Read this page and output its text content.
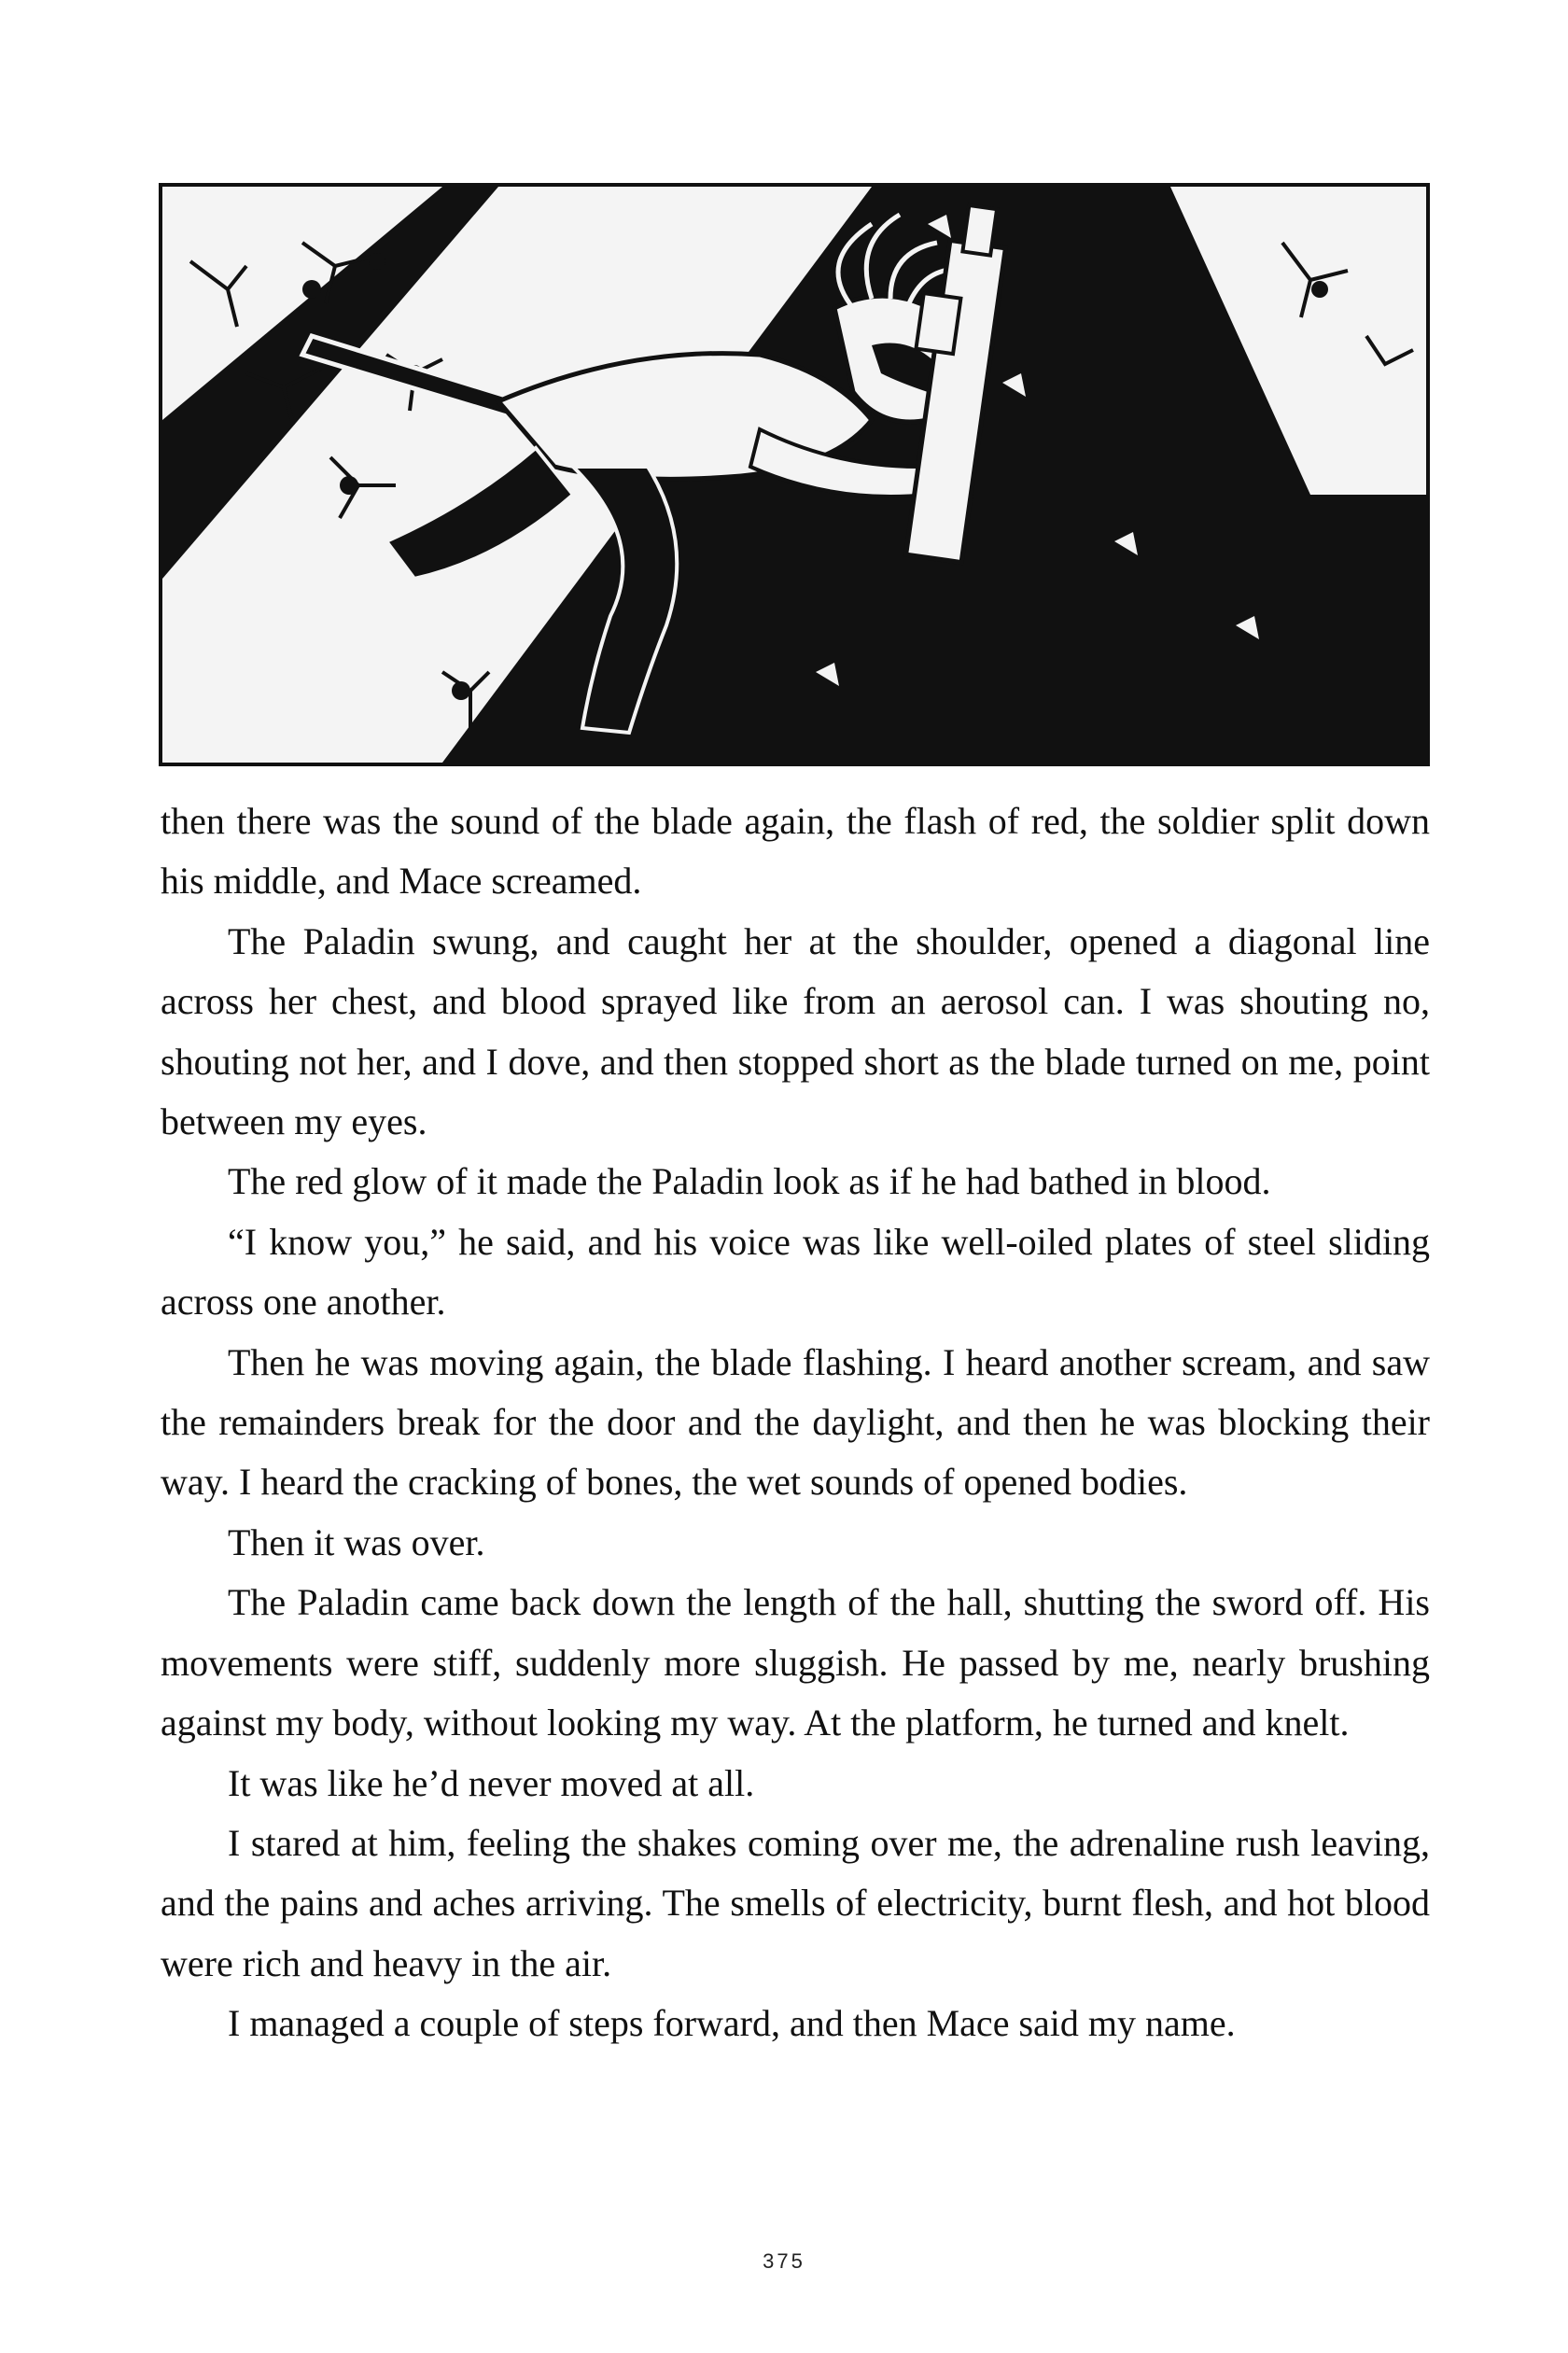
then there was the sound of the blade again, the flash of red, the soldier split down his middle, and Mace screamed.

The Paladin swung, and caught her at the shoulder, opened a diagonal line across her chest, and blood sprayed like from an aerosol can. I was shouting no, shouting not her, and I dove, and then stopped short as the blade turned on me, point between my eyes.

The red glow of it made the Paladin look as if he had bathed in blood.

“I know you,” he said, and his voice was like well-oiled plates of steel sliding across one another.

Then he was moving again, the blade flashing. I heard another scream, and saw the remainders break for the door and the daylight, and then he was blocking their way. I heard the cracking of bones, the wet sounds of opened bodies.

Then it was over.

The Paladin came back down the length of the hall, shutting the sword off. His movements were stiff, suddenly more sluggish. He passed by me, nearly brushing against my body, without looking my way. At the platform, he turned and knelt.

It was like he’d never moved at all.

I stared at him, feeling the shakes coming over me, the adrenaline rush leaving, and the pains and aches arriving. The smells of electricity, burnt flesh, and hot blood were rich and heavy in the air.

I managed a couple of steps forward, and then Mace said my name.

375
